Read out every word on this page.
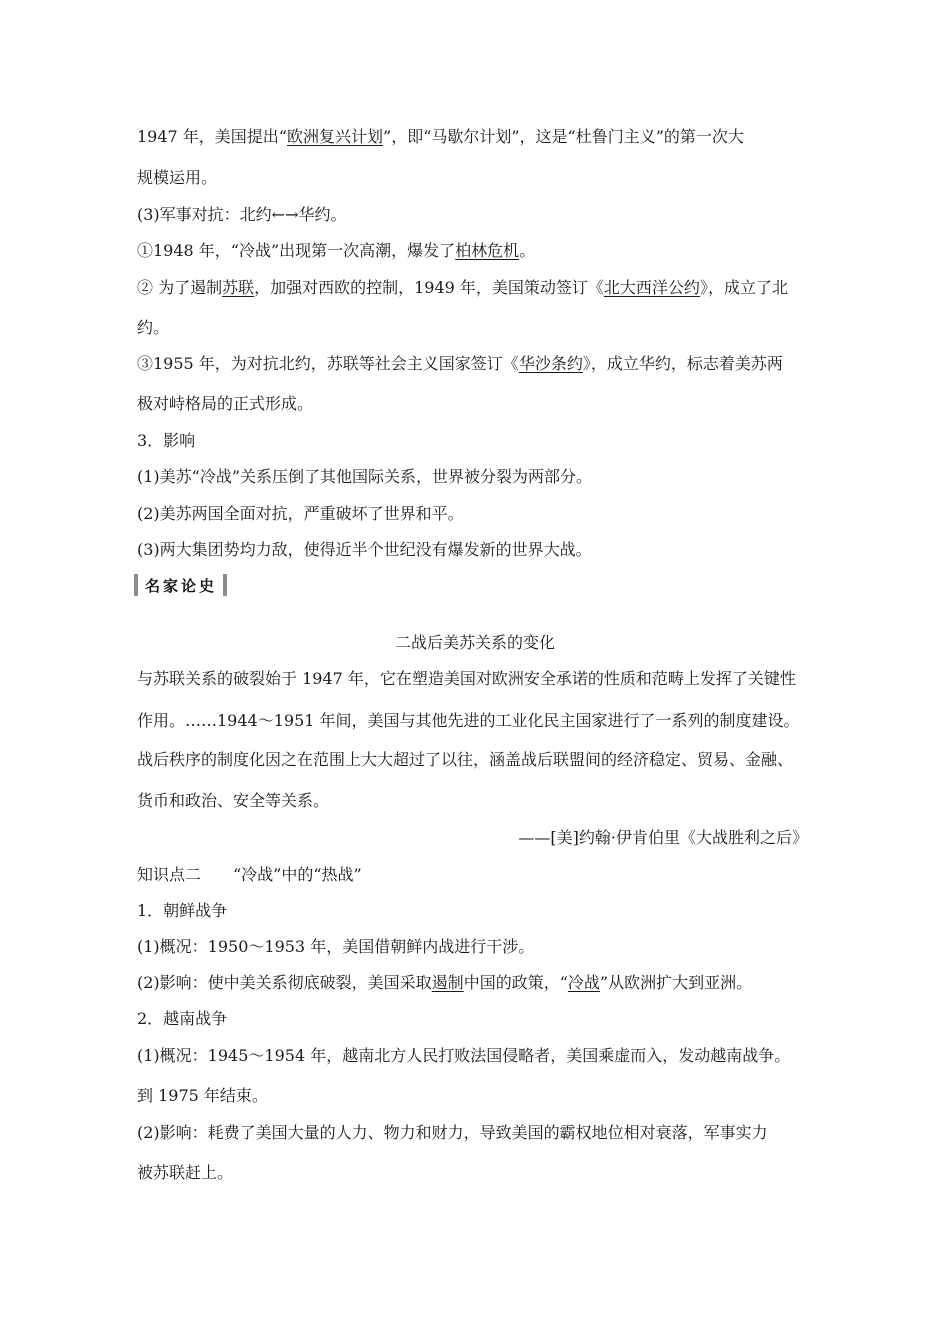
1947 年，美国提出“欧洲复兴计划”，即“马歇尔计划”，这是“杜鲁门主义”的第一次大
规模运用。
(3)军事对抗：北约←→华约。
①1948 年，“冷战”出现第一次高潮，爆发了柏林危机。
② 为了遏制苏联，加强对西欧的控制，1949 年，美国策动签订《北大西洋公约》，成立了北
约。
③1955 年，为对抗北约，苏联等社会主义国家签订《华沙条约》，成立华约，标志着美苏两
极对峙格局的正式形成。
3．影响
(1)美苏“冷战”关系压倒了其他国际关系，世界被分裂为两部分。
(2)美苏两国全面对抗，严重破坏了世界和平。
(3)两大集团势均力敌，使得近半个世纪没有爆发新的世界大战。
名家论史
二战后美苏关系的变化
与苏联关系的破裂始于 1947 年，它在塑造美国对欧洲安全承诺的性质和范畴上发挥了关键性
作用。……1944～1951 年间，美国与其他先进的工业化民主国家进行了一系列的制度建设。
战后秩序的制度化因之在范围上大大超过了以往，涵盖战后联盟间的经济稳定、贸易、金融、
货币和政治、安全等关系。
——[美]约翰·伊肯伯里《大战胜利之后》
知识点二　　“冷战”中的“热战”
1．朝鲜战争
(1)概况：1950～1953 年，美国借朝鲜内战进行干涉。
(2)影响：使中美关系彻底破裂，美国采取遏制中国的政策，“冷战”从欧洲扩大到亚洲。
2．越南战争
(1)概况：1945～1954 年，越南北方人民打败法国侵略者，美国乘虚而入，发动越南战争。
到 1975 年结束。
(2)影响：耗费了美国大量的人力、物力和财力，导致美国的霸权地位相对衰落，军事实力
被苏联赶上。
